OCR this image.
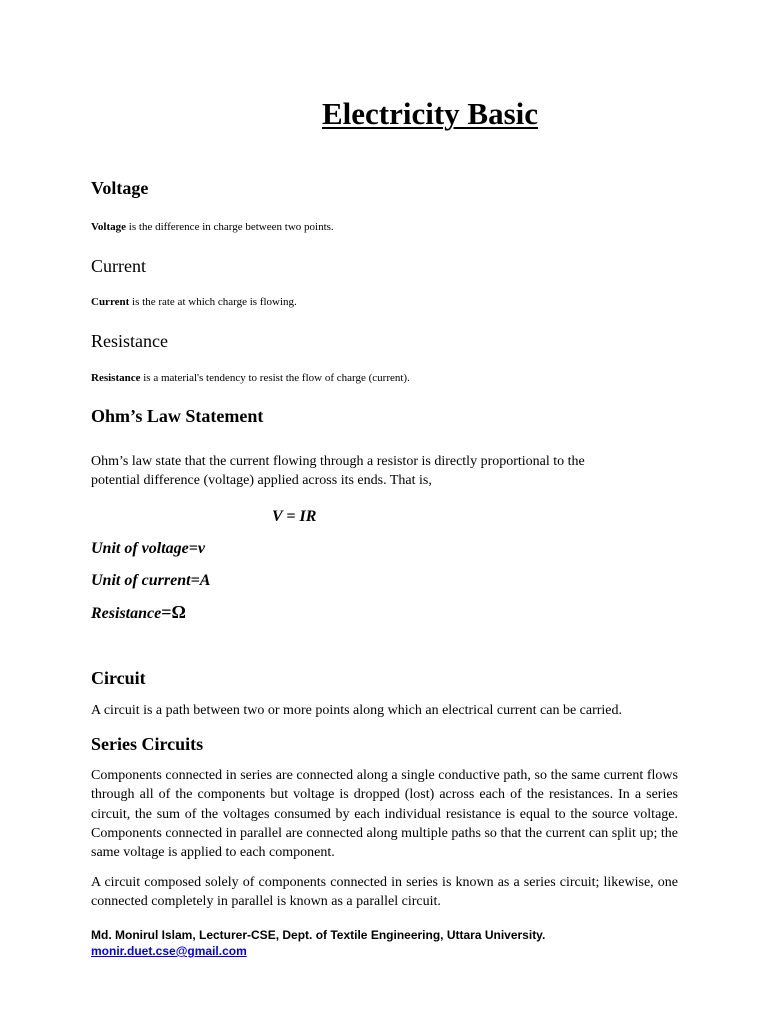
Electricity Basic
Voltage

Voltage is the difference in charge between two points.

Current

Current is the rate at which charge is flowing.

Resistance

Resistance is a material's tendency to resist the flow of charge (current).

Ohm’s Law Statement

Ohm’s law state that the current flowing through a resistor is directly proportional to the

potential difference (voltage) applied across its ends. That is,

V = IR

Unit of voltage=v

Unit of current=A

Resistance=Ω

Circuit

A circuit is a path between two or more points along which an electrical current can be carried.

Series Circuits

Components connected in series are connected along a single conductive path, so the same current flows through all of the components but voltage is dropped (lost) across each of the resistances. In a series circuit, the sum of the voltages consumed by each individual resistance is equal to the source voltage. Components connected in parallel are connected along multiple paths so that the current can split up; the same voltage is applied to each component.

A circuit composed solely of components connected in series is known as a series circuit; likewise, one connected completely in parallel is known as a parallel circuit.

Md. Monirul Islam, Lecturer-CSE, Dept. of Textile Engineering, Uttara University.

monir.duet.cse@gmail.com
